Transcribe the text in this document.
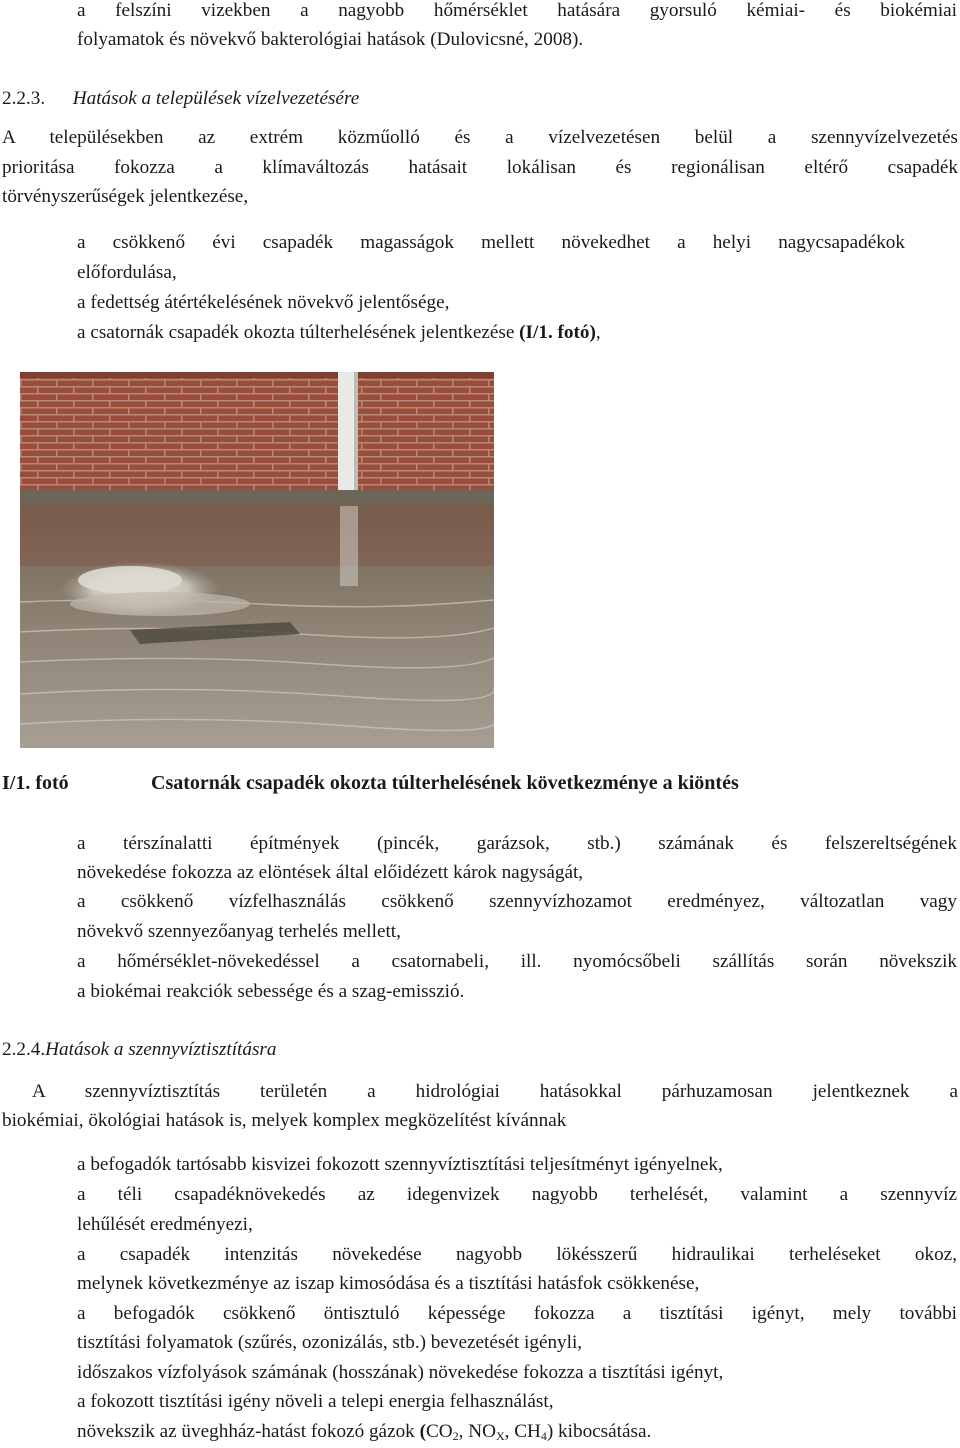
a felszíni vizekben a nagyobb hőmérséklet hatására gyorsuló kémiai- és biokémiai
folyamatok és növekvő bakterológiai hatások (Dulovicsné, 2008).
2.2.3. Hatások a települések vízelvezetésére
A településekben az extrém közműolló és a vízelvezetésen belül a szennyvízelvezetés
prioritása fokozza a klímaváltozás hatásait lokálisan és regionálisan eltérő csapadék
törvényszerűségek jelentkezése,
a csökkenő évi csapadék magasságok mellett növekedhet a helyi nagycsapadékok
előfordulása,
a fedettség átértékelésének növekvő jelentősége,
a csatornák csapadék okozta túlterhelésének jelentkezése (I/1. fotó),
I/1. fotó	Csatornák csapadék okozta túlterhelésének következménye a kiöntés
a térszínalatti építmények (pincék, garázsok, stb.) számának és felszereltségének
növekedése fokozza az elöntések által előidézett károk nagyságát,
a csökkenő vízfelhasználás csökkenő szennyvízhozamot eredményez, változatlan vagy
növekvő szennyezőanyag terhelés mellett,
a hőmérséklet-növekedéssel a csatornabeli, ill. nyomócsőbeli szállítás során növekszik
a biokémai reakciók sebessége és a szag-emisszió.
2.2.4.Hatások a szennyvíztisztításra
A szennyvíztisztítás területén a hidrológiai hatásokkal párhuzamosan jelentkeznek a
biokémiai, ökológiai hatások is, melyek komplex megközelítést kívánnak
a befogadók tartósabb kisvizei fokozott szennyvíztisztítási teljesítményt igényelnek,
a téli csapadéknövekedés az idegenvizek nagyobb terhelését, valamint a szennyvíz
lehűlését eredményezi,
a csapadék intenzitás növekedése nagyobb lökésszerű hidraulikai terheléseket okoz,
melynek következménye az iszap kimosódása és a tisztítási hatásfok csökkenése,
a befogadók csökkenő öntisztuló képessége fokozza a tisztítási igényt, mely további
tisztítási folyamatok (szűrés, ozonizálás, stb.) bevezetését igényli,
időszakos vízfolyások számának (hosszának) növekedése fokozza a tisztítási igényt,
a fokozott tisztítási igény növeli a telepi energia felhasználást,
növekszik az üveghház-hatást fokozó gázok ($CO_2$, $NO_X$, $CH_4$) kibocsátása.
